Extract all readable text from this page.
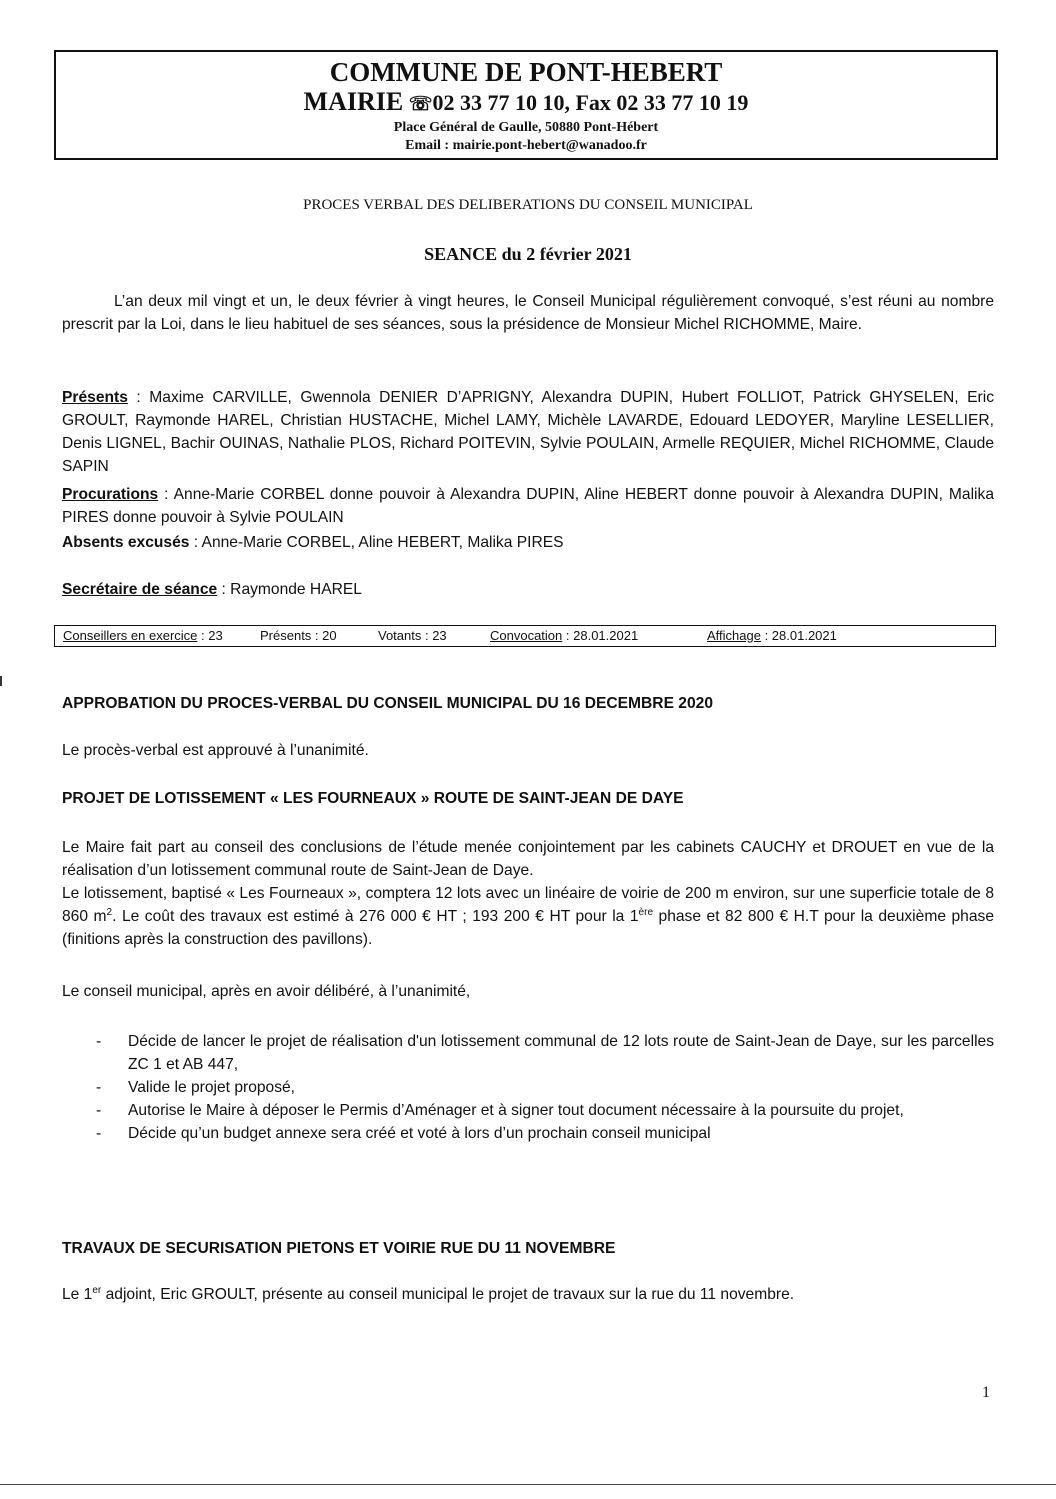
COMMUNE DE PONT-HEBERT
MAIRIE ☏02 33 77 10 10, Fax 02 33 77 10 19
Place Général de Gaulle, 50880 Pont-Hébert
Email : mairie.pont-hebert@wanadoo.fr
PROCES VERBAL DES DELIBERATIONS DU CONSEIL MUNICIPAL
SEANCE du 2 février 2021
L’an deux mil vingt et un, le deux février à vingt heures, le Conseil Municipal régulièrement convoqué, s’est réuni au nombre prescrit par la Loi, dans le lieu habituel de ses séances, sous la présidence de Monsieur Michel RICHOMME, Maire.
Présents : Maxime CARVILLE, Gwennola DENIER D’APRIGNY, Alexandra DUPIN, Hubert FOLLIOT, Patrick GHYSELEN, Eric GROULT, Raymonde HAREL, Christian HUSTACHE, Michel LAMY, Michèle LAVARDE, Edouard LEDOYER, Maryline LESELLIER, Denis LIGNEL, Bachir OUINAS, Nathalie PLOS, Richard POITEVIN, Sylvie POULAIN, Armelle REQUIER, Michel RICHOMME, Claude SAPIN
Procurations : Anne-Marie CORBEL donne pouvoir à Alexandra DUPIN, Aline HEBERT donne pouvoir à Alexandra DUPIN, Malika PIRES donne pouvoir à Sylvie POULAIN
Absents excusés : Anne-Marie CORBEL, Aline HEBERT, Malika PIRES
Secrétaire de séance : Raymonde HAREL
Conseillers en exercice : 23	Présents : 20	Votants : 23	Convocation : 28.01.2021	Affichage : 28.01.2021
APPROBATION DU PROCES-VERBAL DU CONSEIL MUNICIPAL DU 16 DECEMBRE 2020
Le procès-verbal est approuvé à l’unanimité.
PROJET DE LOTISSEMENT « LES FOURNEAUX » ROUTE DE SAINT-JEAN DE DAYE
Le Maire fait part au conseil des conclusions de l’étude menée conjointement par les cabinets CAUCHY et DROUET en vue de la réalisation d’un lotissement communal route de Saint-Jean de Daye.
Le lotissement, baptisé « Les Fourneaux », comptera 12 lots avec un linéaire de voirie de 200 m environ, sur une superficie totale de 8 860 $m^2$. Le coût des travaux est estimé à 276 000 € HT ; 193 200 € HT pour la 1ère phase et 82 800 € H.T pour la deuxième phase (finitions après la construction des pavillons).
Le conseil municipal, après en avoir délibéré, à l’unanimité,
- Décide de lancer le projet de réalisation d'un lotissement communal de 12 lots route de Saint-Jean de Daye, sur les parcelles ZC 1 et AB 447,
- Valide le projet proposé,
- Autorise le Maire à déposer le Permis d’Aménager et à signer tout document nécessaire à la poursuite du projet,
- Décide qu’un budget annexe sera créé et voté à lors d’un prochain conseil municipal
TRAVAUX DE SECURISATION PIETONS ET VOIRIE RUE DU 11 NOVEMBRE
Le 1er adjoint, Eric GROULT, présente au conseil municipal le projet de travaux sur la rue du 11 novembre.
1
